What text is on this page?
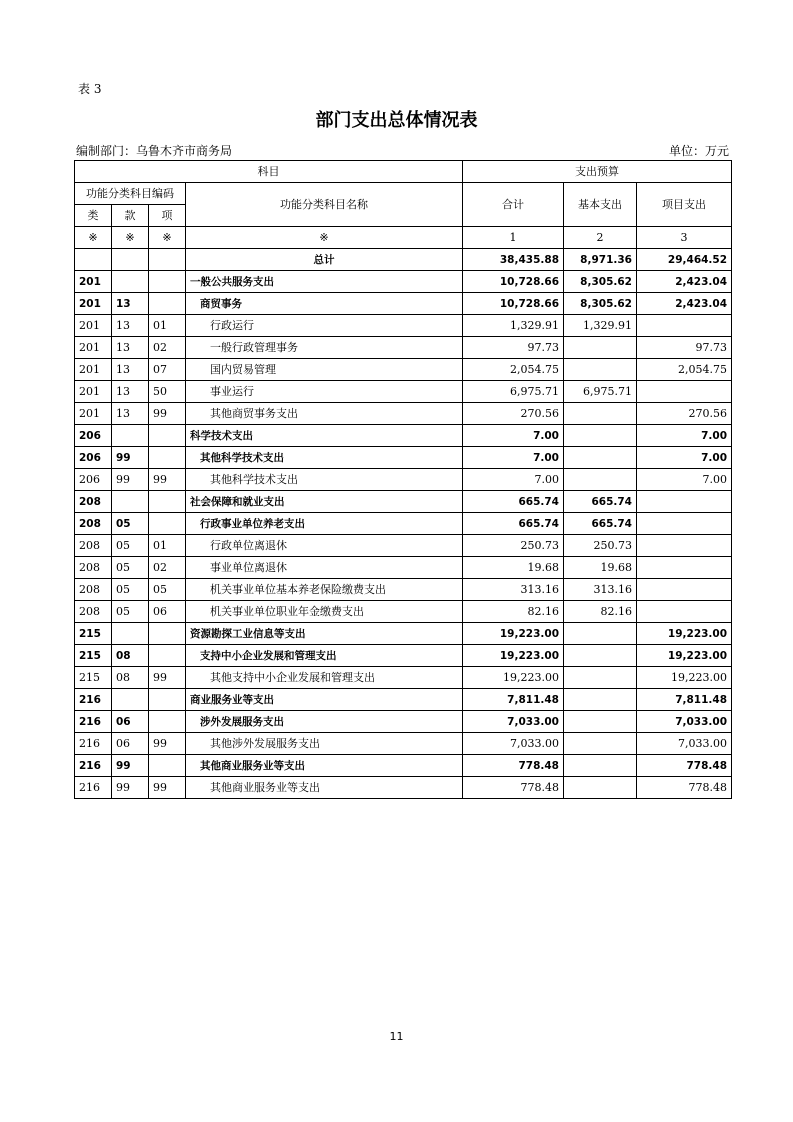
表 3
部门支出总体情况表
编制部门：乌鲁木齐市商务局	单位：万元
科目				支出预算		
功能分类科目编码			功能分类科目名称	合计	基本支出	项目支出
类	款	项				
※	※	※	※	1	2	3
			总计	38,435.88	8,971.36	29,464.52
201			一般公共服务支出	10,728.66	8,305.62	2,423.04
201	13		商贸事务	10,728.66	8,305.62	2,423.04
201	13	01	行政运行	1,329.91	1,329.91	
201	13	02	一般行政管理事务	97.73		97.73
201	13	07	国内贸易管理	2,054.75		2,054.75
201	13	50	事业运行	6,975.71	6,975.71	
201	13	99	其他商贸事务支出	270.56		270.56
206			科学技术支出	7.00		7.00
206	99		其他科学技术支出	7.00		7.00
206	99	99	其他科学技术支出	7.00		7.00
208			社会保障和就业支出	665.74	665.74	
208	05		行政事业单位养老支出	665.74	665.74	
208	05	01	行政单位离退休	250.73	250.73	
208	05	02	事业单位离退休	19.68	19.68	
208	05	05	机关事业单位基本养老保险缴费支出	313.16	313.16	
208	05	06	机关事业单位职业年金缴费支出	82.16	82.16	
215			资源勘探工业信息等支出	19,223.00		19,223.00
215	08		支持中小企业发展和管理支出	19,223.00		19,223.00
215	08	99	其他支持中小企业发展和管理支出	19,223.00		19,223.00
216			商业服务业等支出	7,811.48		7,811.48
216	06		涉外发展服务支出	7,033.00		7,033.00
216	06	99	其他涉外发展服务支出	7,033.00		7,033.00
216	99		其他商业服务业等支出	778.48		778.48
216	99	99	其他商业服务业等支出	778.48		778.48
11
